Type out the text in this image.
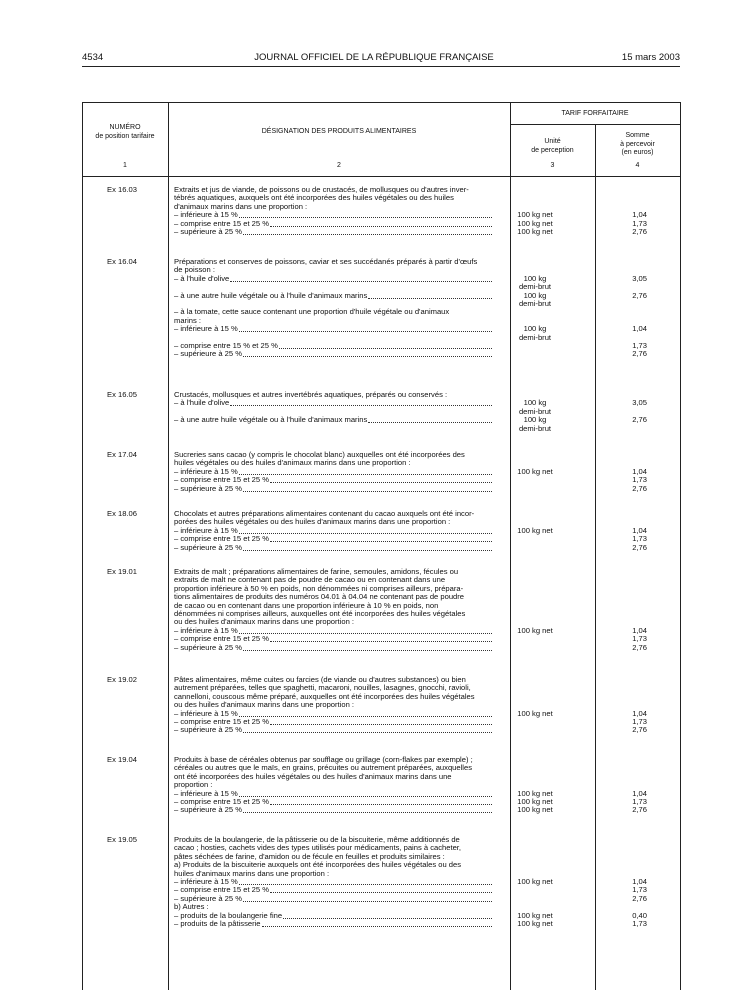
4534	JOURNAL OFFICIEL DE LA RÉPUBLIQUE FRANÇAISE	15 mars 2003
NUMÉRO
de position tarifaire
DÉSIGNATION DES PRODUITS ALIMENTAIRES
TARIF FORFAITAIRE
Unité
de perception
Somme
à percevoir
(en euros)
1	2	3	4
Ex 16.03	Extraits et jus de viande, de poissons ou de crustacés, de mollusques ou d'autres inver-
tébrés aquatiques, auxquels ont été incorporées des huiles végétales ou des huiles
d'animaux marins dans une proportion :
– inférieure à 15 %	100 kg net	1,04
– comprise entre 15 et 25 %	100 kg net	1,73
– supérieure à 25 %	100 kg net	2,76
Ex 16.04	Préparations et conserves de poissons, caviar et ses succédanés préparés à partir d'œufs
de poisson :
– à l'huile d'olive	100 kg	3,05
demi-brut
– à une autre huile végétale ou à l'huile d'animaux marins	100 kg	2,76
demi-brut
– à la tomate, cette sauce contenant une proportion d'huile végétale ou d'animaux
marins :
– inférieure à 15 %	100 kg	1,04
demi-brut
– comprise entre 15 % et 25 %	1,73
– supérieure à 25 %	2,76
Ex 16.05	Crustacés, mollusques et autres invertébrés aquatiques, préparés ou conservés :
– à l'huile d'olive	100 kg	3,05
demi-brut
– à une autre huile végétale ou à l'huile d'animaux marins	100 kg	2,76
demi-brut
Ex 17.04	Sucreries sans cacao (y compris le chocolat blanc) auxquelles ont été incorporées des
huiles végétales ou des huiles d'animaux marins dans une proportion :
– inférieure à 15 %	100 kg net	1,04
– comprise entre 15 et 25 %	1,73
– supérieure à 25 %	2,76
Ex 18.06	Chocolats et autres préparations alimentaires contenant du cacao auxquels ont été incor-
porées des huiles végétales ou des huiles d'animaux marins dans une proportion :
– inférieure à 15 %	100 kg net	1,04
– comprise entre 15 et 25 %	1,73
– supérieure à 25 %	2,76
Ex 19.01	Extraits de malt ; préparations alimentaires de farine, semoules, amidons, fécules ou
extraits de malt ne contenant pas de poudre de cacao ou en contenant dans une
proportion inférieure à 50 % en poids, non dénommées ni comprises ailleurs, prépara-
tions alimentaires de produits des numéros 04.01 à 04.04 ne contenant pas de poudre
de cacao ou en contenant dans une proportion inférieure à 10 % en poids, non
dénommées ni comprises ailleurs, auxquelles ont été incorporées des huiles végétales
ou des huiles d'animaux marins dans une proportion :
– inférieure à 15 %	100 kg net	1,04
– comprise entre 15 et 25 %	1,73
– supérieure à 25 %	2,76
Ex 19.02	Pâtes alimentaires, même cuites ou farcies (de viande ou d'autres substances) ou bien
autrement préparées, telles que spaghetti, macaroni, nouilles, lasagnes, gnocchi, ravioli,
cannelloni, couscous même préparé, auxquelles ont été incorporées des huiles végétales
ou des huiles d'animaux marins dans une proportion :
– inférieure à 15 %	100 kg net	1,04
– comprise entre 15 et 25 %	1,73
– supérieure à 25 %	2,76
Ex 19.04	Produits à base de céréales obtenus par soufflage ou grillage (corn-flakes par exemple) ;
céréales ou autres que le maïs, en grains, précuites ou autrement préparées, auxquelles
ont été incorporées des huiles végétales ou des huiles d'animaux marins dans une
proportion :
– inférieure à 15 %	100 kg net	1,04
– comprise entre 15 et 25 %	100 kg net	1,73
– supérieure à 25 %	100 kg net	2,76
Ex 19.05	Produits de la boulangerie, de la pâtisserie ou de la biscuiterie, même additionnés de
cacao ; hosties, cachets vides des types utilisés pour médicaments, pains à cacheter,
pâtes séchées de farine, d'amidon ou de fécule en feuilles et produits similaires :
a) Produits de la biscuiterie auxquels ont été incorporées des huiles végétales ou des
huiles d'animaux marins dans une proportion :
– inférieure à 15 %	100 kg net	1,04
– comprise entre 15 et 25 %	1,73
– supérieure à 25 %	2,76
b) Autres :
– produits de la boulangerie fine	100 kg net	0,40
– produits de la pâtisserie	100 kg net	1,73
